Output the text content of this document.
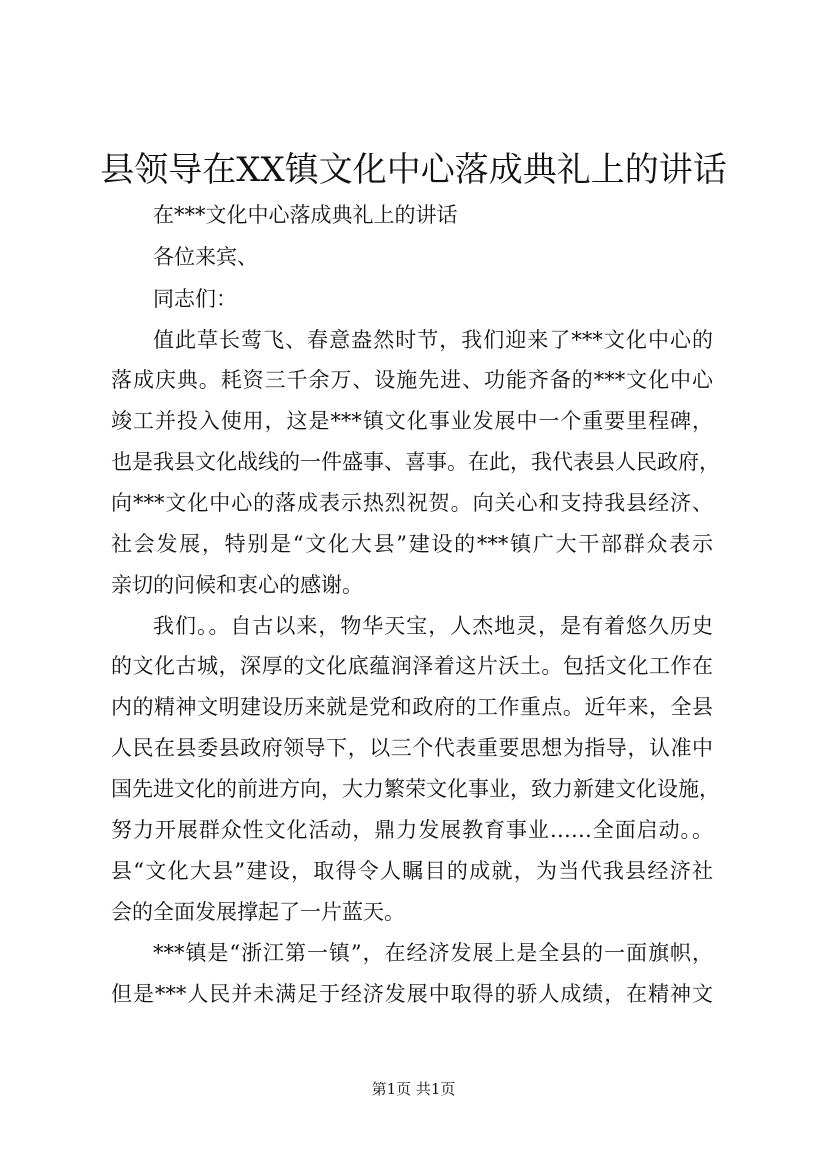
县领导在XX镇文化中心落成典礼上的讲话

在***文化中心落成典礼上的讲话

各位来宾、

同志们：

值此草长莺飞、春意盎然时节，我们迎来了***文化中心的

落成庆典。耗资三千余万、设施先进、功能齐备的***文化中心

竣工并投入使用，这是***镇文化事业发展中一个重要里程碑，

也是我县文化战线的一件盛事、喜事。在此，我代表县人民政府，

向***文化中心的落成表示热烈祝贺。向关心和支持我县经济、

社会发展，特别是“文化大县”建设的***镇广大干部群众表示

亲切的问候和衷心的感谢。

我们。。自古以来，物华天宝，人杰地灵，是有着悠久历史

的文化古城，深厚的文化底蕴润泽着这片沃土。包括文化工作在

内的精神文明建设历来就是党和政府的工作重点。近年来，全县

人民在县委县政府领导下，以三个代表重要思想为指导，认准中

国先进文化的前进方向，大力繁荣文化事业，致力新建文化设施，

努力开展群众性文化活动，鼎力发展教育事业……全面启动。。

县“文化大县”建设，取得令人瞩目的成就，为当代我县经济社

会的全面发展撑起了一片蓝天。

***镇是“浙江第一镇”，在经济发展上是全县的一面旗帜，

但是***人民并未满足于经济发展中取得的骄人成绩，在精神文

第1页 共1页
